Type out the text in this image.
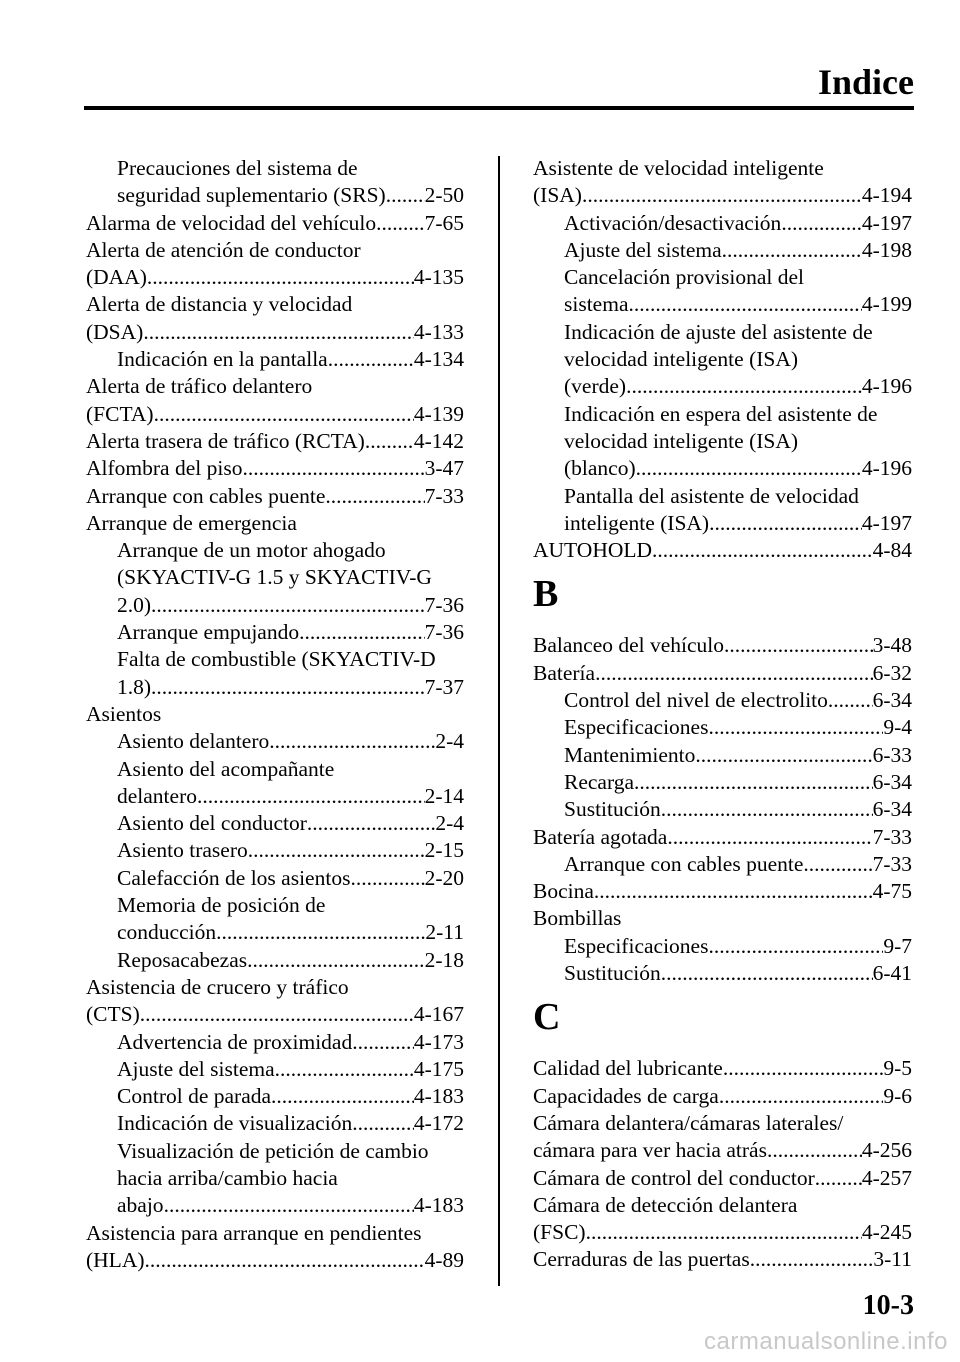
Indice
Precauciones del sistema de
seguridad suplementario (SRS) ..... 2-50
Alarma de velocidad del vehículo ..... 7-65
Alerta de atención de conductor
(DAA) .....	4-135
Alerta de distancia y velocidad
(DSA) .....	4-133
Indicación en la pantalla .....	4-134
Alerta de tráfico delantero
(FCTA) .....	4-139
Alerta trasera de tráfico (RCTA) ..... 4-142
Alfombra del piso .....	3-47
Arranque con cables puente .....	7-33
Arranque de emergencia
Arranque de un motor ahogado
(SKYACTIV-G 1.5 y SKYACTIV-G
2.0) .....	7-36
Arranque empujando .....	7-36
Falta de combustible (SKYACTIV-D
1.8) .....	7-37
Asientos
Asiento delantero .....	2-4
Asiento del acompañante
delantero .....	2-14
Asiento del conductor .....	2-4
Asiento trasero .....	2-15
Calefacción de los asientos .....	2-20
Memoria de posición de
conducción .....	2-11
Reposacabezas .....	2-18
Asistencia de crucero y tráfico
(CTS) .....	4-167
Advertencia de proximidad .....	4-173
Ajuste del sistema .....	4-175
Control de parada .....	4-183
Indicación de visualización .....	4-172
Visualización de petición de cambio
hacia arriba/cambio hacia
abajo .....	4-183
Asistencia para arranque en pendientes
(HLA) .....	4-89
Asistente de velocidad inteligente
(ISA) .....	4-194
Activación/desactivación .....	4-197
Ajuste del sistema .....	4-198
Cancelación provisional del
sistema .....	4-199
Indicación de ajuste del asistente de
velocidad inteligente (ISA)
(verde) .....	4-196
Indicación en espera del asistente de
velocidad inteligente (ISA)
(blanco) .....	4-196
Pantalla del asistente de velocidad
inteligente (ISA) .....	4-197
AUTOHOLD .....	4-84
B
Balanceo del vehículo .....	3-48
Batería .....	6-32
Control del nivel de electrolito ..... 6-34
Especificaciones .....	9-4
Mantenimiento .....	6-33
Recarga .....	6-34
Sustitución .....	6-34
Batería agotada .....	7-33
Arranque con cables puente .....	7-33
Bocina .....	4-75
Bombillas
Especificaciones .....	9-7
Sustitución .....	6-41
C
Calidad del lubricante .....	9-5
Capacidades de carga .....	9-6
Cámara delantera/cámaras laterales/
cámara para ver hacia atrás .....	4-256
Cámara de control del conductor ..... 4-257
Cámara de detección delantera
(FSC) .....	4-245
Cerraduras de las puertas .....	3-11
10-3
carmanualsonline.info
